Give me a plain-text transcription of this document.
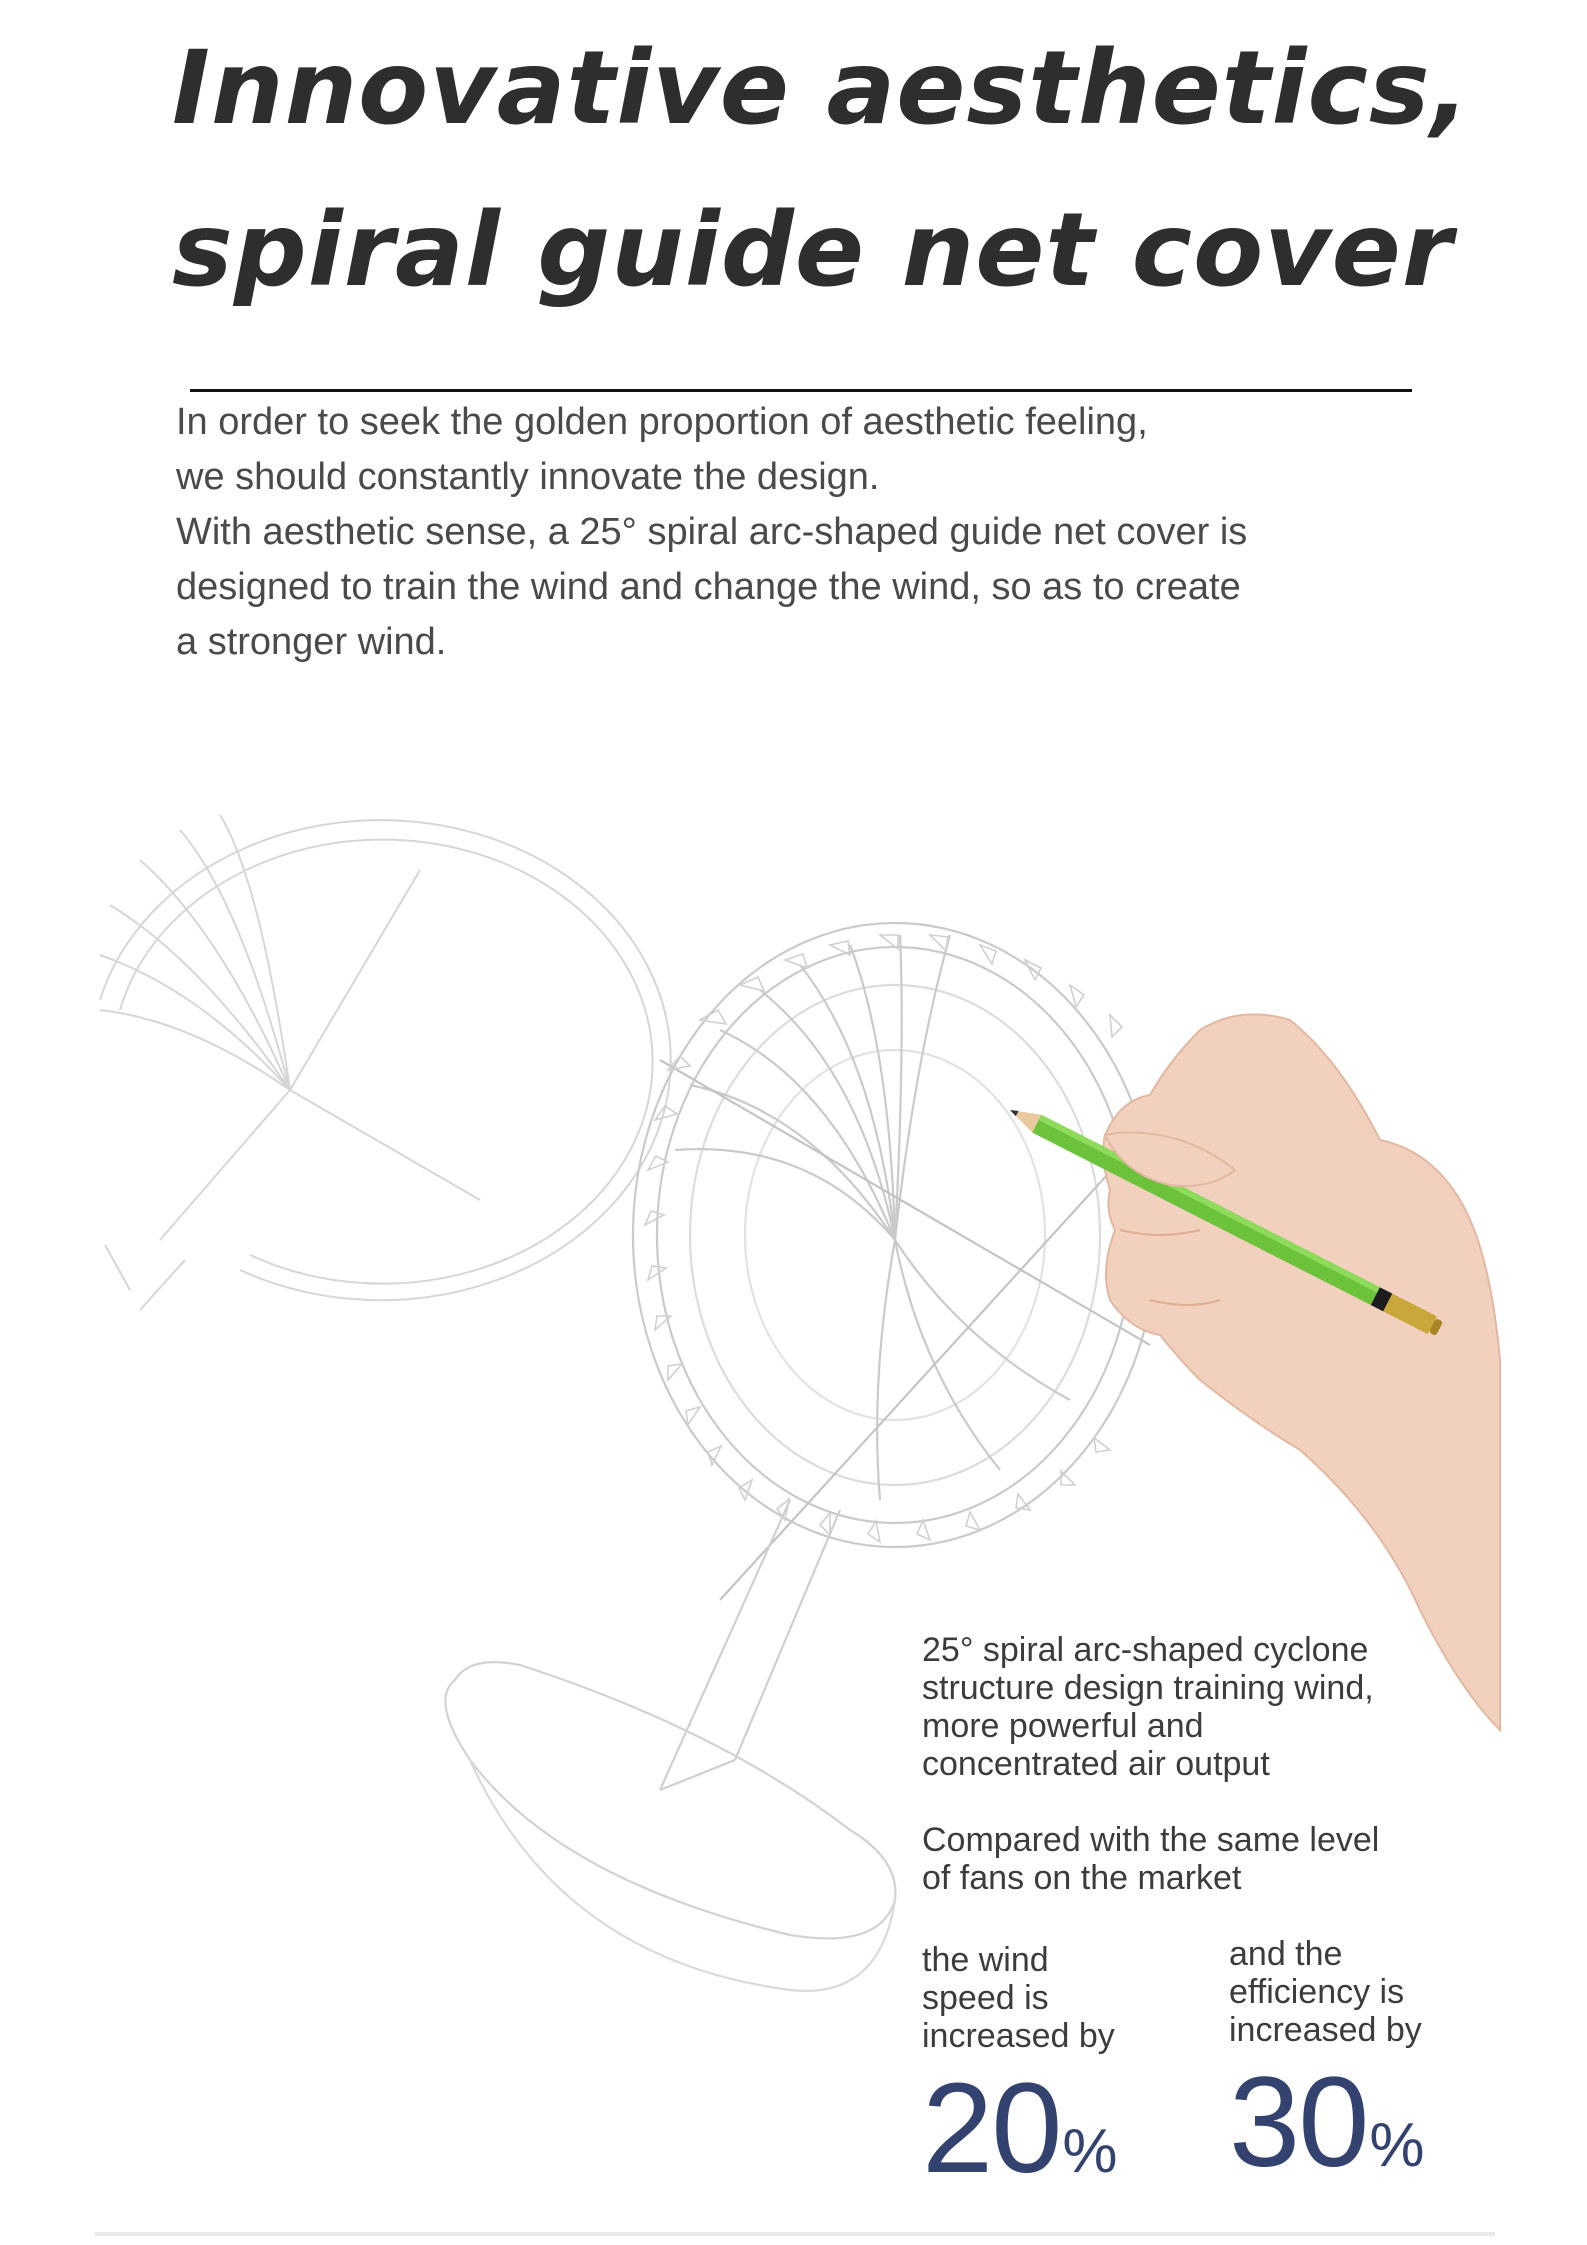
Innovative aesthetics,
spiral guide net cover

In order to seek the golden proportion of aesthetic feeling,
we should constantly innovate the design.
With aesthetic sense, a 25° spiral arc-shaped guide net cover is
designed to train the wind and change the wind, so as to create
a stronger wind.

25° spiral arc-shaped cyclone
structure design training wind,
more powerful and
concentrated air output
Compared with the same level
of fans on the market
the wind
speed is
increased by
20%
and the
efficiency is
increased by
30%
